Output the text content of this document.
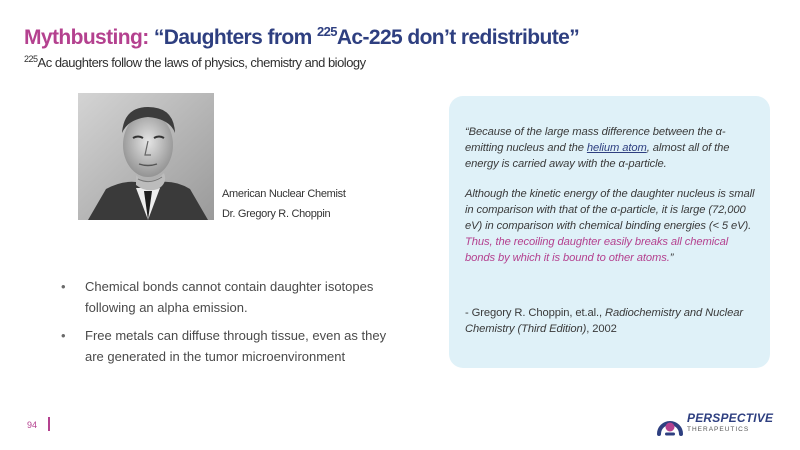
Mythbusting: “Daughters from $^{225}$Ac-225 don’t redistribute”
$^{225}$Ac daughters follow the laws of physics, chemistry and biology
American Nuclear Chemist
Dr. Gregory R. Choppin
• Chemical bonds cannot contain daughter isotopes following an alpha emission.
• Free metals can diffuse through tissue, even as they are generated in the tumor microenvironment

“Because of the large mass difference between the α-emitting nucleus and the helium atom, almost all of the energy is carried away with the α-particle.

Although the kinetic energy of the daughter nucleus is small in comparison with that of the α-particle, it is large (72,000 eV) in comparison with chemical binding energies (< 5 eV). Thus, the recoiling daughter easily breaks all chemical bonds by which it is bound to other atoms.”

- Gregory R. Choppin, et.al., Radiochemistry and Nuclear Chemistry (Third Edition), 2002

94	PERSPECTIVE
THERAPEUTICS
